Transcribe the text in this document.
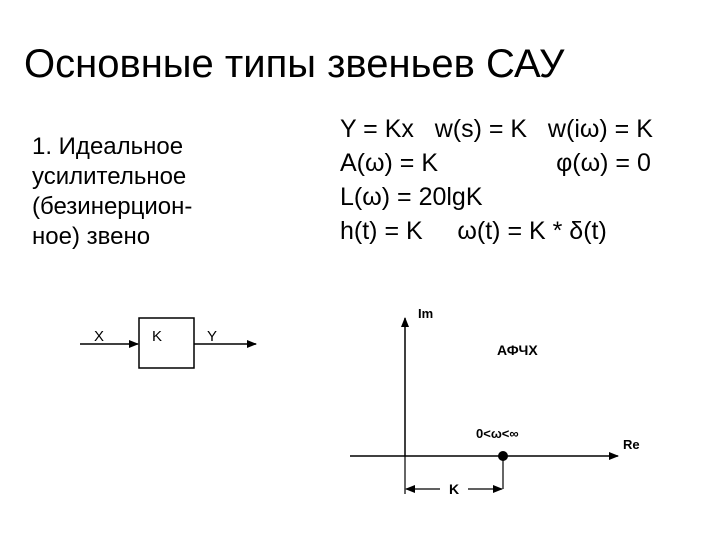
Основные типы звеньев САУ
1. Идеальное
усилительное
(безинерцион-
ное) звено
Y = Kx   w(s) = K   w(iω) = K
A(ω) = K                 φ(ω) = 0
L(ω) = 20lgK
h(t) = K     ω(t) = K * δ(t)
X	K	Y
Im
Re
АФЧХ
0<ω<∞
K
